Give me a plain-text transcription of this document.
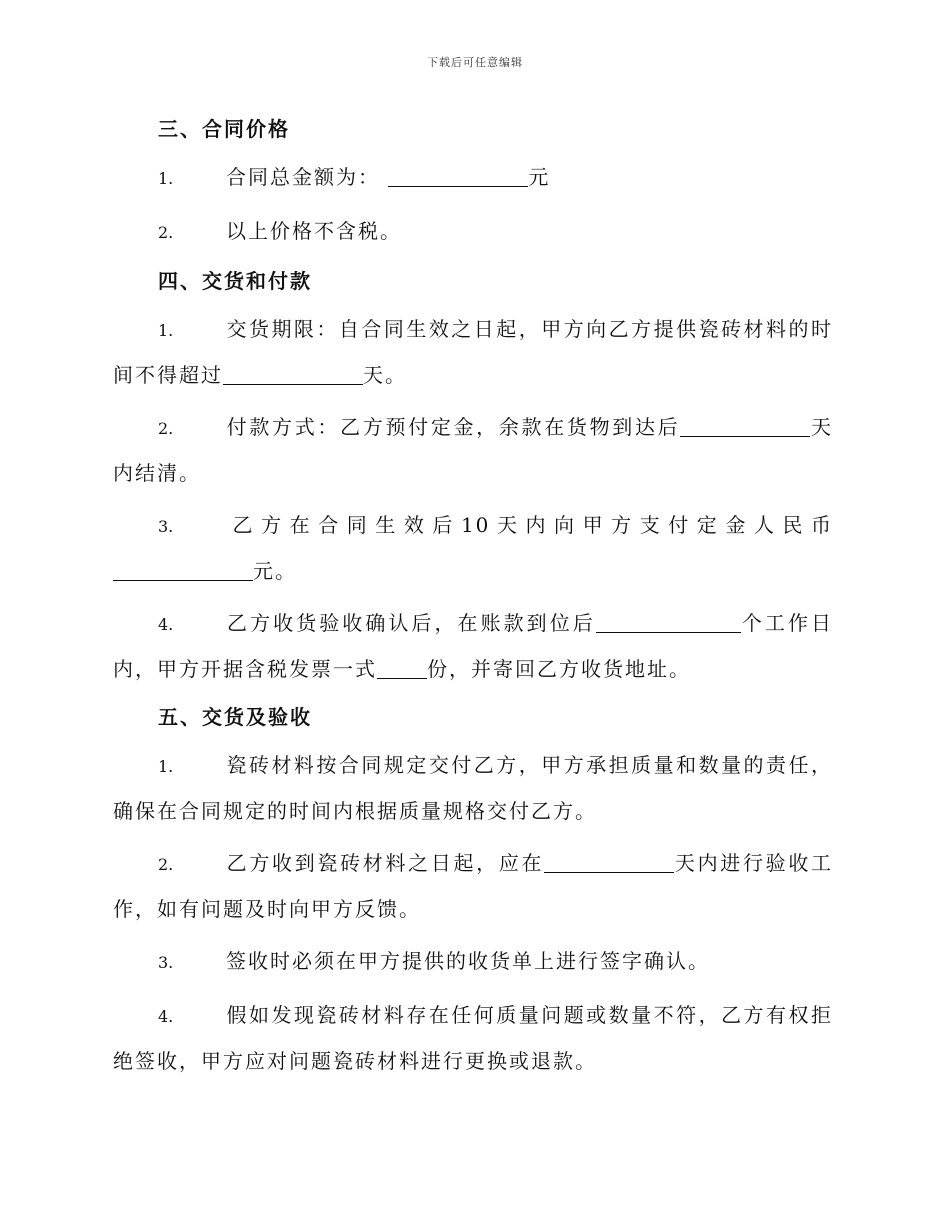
下载后可任意编辑
三、合同价格
1.	合同总金额为：	元
2.	以上价格不含税。
四、交货和付款
1.	交货期限：自合同生效之日起，甲方向乙方提供瓷砖材料的时间不得超过	天。
2.	付款方式：乙方预付定金，余款在货物到达后	天内结清。
3.	乙方在合同生效后10天内向甲方支付定金人民币元。
4.	乙方收货验收确认后，在账款到位后	个工作日内，甲方开据含税发票一式	份，并寄回乙方收货地址。
五、交货及验收
1.	瓷砖材料按合同规定交付乙方，甲方承担质量和数量的责任，确保在合同规定的时间内根据质量规格交付乙方。
2.	乙方收到瓷砖材料之日起，应在	天内进行验收工作，如有问题及时向甲方反馈。
3.	签收时必须在甲方提供的收货单上进行签字确认。
4.	假如发现瓷砖材料存在任何质量问题或数量不符，乙方有权拒绝签收，甲方应对问题瓷砖材料进行更换或退款。
